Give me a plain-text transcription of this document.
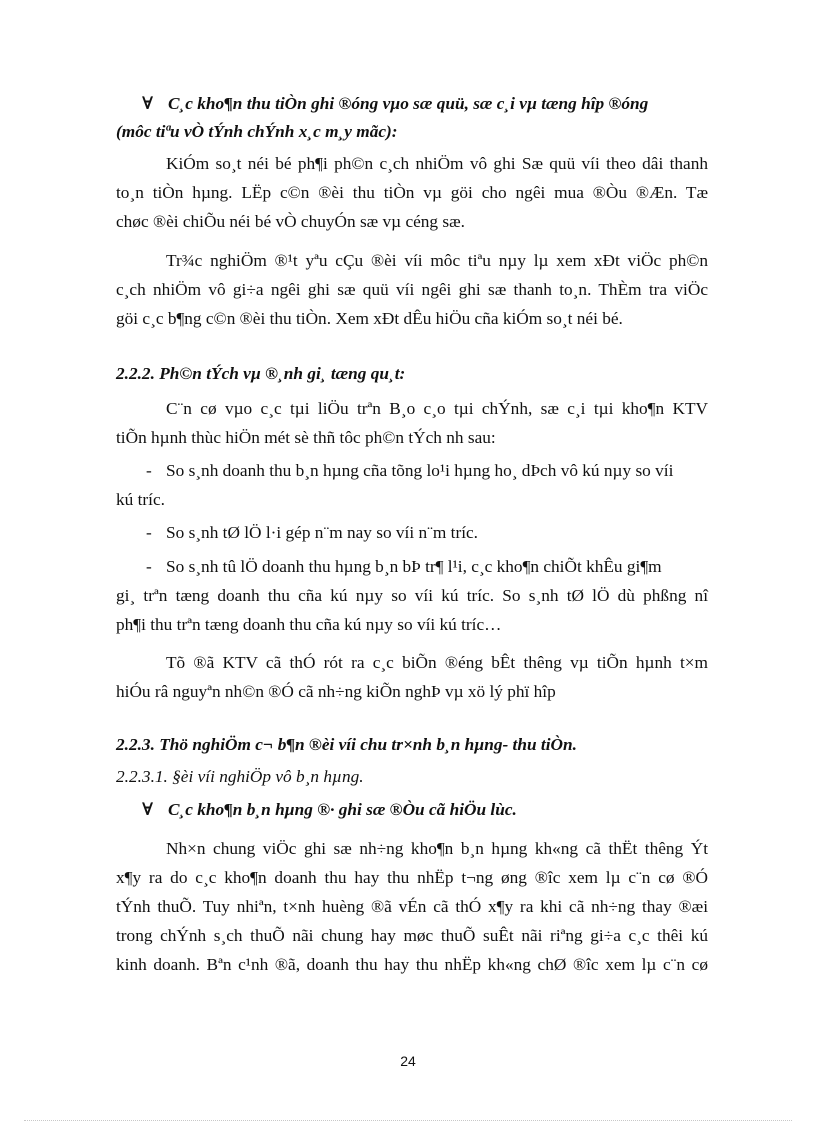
∀ C¸c kho¶n thu tiÒn ghi ®óng vµo sæ quü, sæ c¸i vµ tæng hîp ®óng
(môc tiªu vÒ tÝnh chÝnh x¸c m¸y mãc):
KiÓm so¸t néi bé ph¶i ph©n c¸ch nhiÖm vô ghi Sæ quü víi theo dâi thanh
to¸n tiÒn hµng. LËp c©n ®èi thu tiÒn vµ göi cho ngêi mua ®Òu ®Æn. Tæ
chøc ®èi chiÕu néi bé vÒ chuyÓn sæ vµ céng sæ.
Tr¾c nghiÖm ®¹t yªu cÇu ®èi víi môc tiªu nµy lµ xem xÐt viÖc ph©n
c¸ch nhiÖm vô gi÷a ngêi ghi sæ quü víi ngêi ghi sæ thanh to¸n. ThÈm tra viÖc
göi c¸c b¶ng c©n ®èi thu tiÒn. Xem xÐt dÊu hiÖu cña kiÓm so¸t néi bé.
2.2.2. Ph©n tÝch vµ ®¸nh gi¸ tæng qu¸t:
C¨n cø vµo c¸c tµi liÖu trªn B¸o c¸o tµi chÝnh, sæ c¸i tµi kho¶n KTV
tiÕn hµnh thùc hiÖn mét sè thñ tôc ph©n tÝch nh sau:
- So s¸nh doanh thu b¸n hµng cña tõng lo¹i hµng ho¸ dÞch vô kú nµy so víi
kú tríc.
- So s¸nh tØ lÖ l·i gép n¨m nay so víi n¨m tríc.
- So s¸nh tû lÖ doanh thu hµng b¸n bÞ tr¶ l¹i, c¸c kho¶n chiÕt khÊu gi¶m
gi¸ trªn tæng doanh thu cña kú nµy so víi kú tríc. So s¸nh tØ lÖ dù phßng nî
ph¶i thu trªn tæng doanh thu cña kú nµy so víi kú tríc…
Tõ ®ã KTV cã thÓ rót ra c¸c biÕn ®éng bÊt thêng vµ tiÕn hµnh t×m
hiÓu râ nguyªn nh©n ®Ó cã nh÷ng kiÕn nghÞ vµ xö lý phï hîp
2.2.3. Thö nghiÖm c¬ b¶n ®èi víi chu tr×nh b¸n hµng- thu tiÒn.
2.2.3.1. §èi víi nghiÖp vô b¸n hµng.
∀ C¸c kho¶n b¸n hµng ®· ghi sæ ®Òu cã hiÖu lùc.
Nh×n chung viÖc ghi sæ nh÷ng kho¶n b¸n hµng kh«ng cã thËt thêng Ýt
x¶y ra do c¸c kho¶n doanh thu hay thu nhËp t¬ng øng ®îc xem lµ c¨n cø ®Ó
tÝnh thuÕ. Tuy nhiªn, t×nh huèng ®ã vÉn cã thÓ x¶y ra khi cã nh÷ng thay ®æi
trong chÝnh s¸ch thuÕ nãi chung hay møc thuÕ suÊt nãi riªng gi÷a c¸c thêi kú
kinh doanh. Bªn c¹nh ®ã, doanh thu hay thu nhËp kh«ng chØ ®îc xem lµ c¨n cø
24
